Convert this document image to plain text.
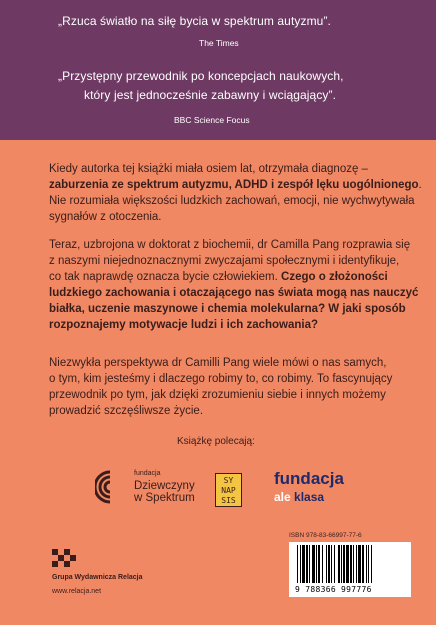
„Rzuca światło na siłę bycia w spektrum autyzmu”.
The Times
„Przystępny przewodnik po koncepcjach naukowych,
który jest jednocześnie zabawny i wciągający”.
BBC Science Focus
Kiedy autorka tej książki miała osiem lat, otrzymała diagnozę –
zaburzenia ze spektrum autyzmu, ADHD i zespół lęku uogólnionego.
Nie rozumiała większości ludzkich zachowań, emocji, nie wychwytywała
sygnałów z otoczenia.
Teraz, uzbrojona w doktorat z biochemii, dr Camilla Pang rozprawia się
z naszymi niejednoznacznymi zwyczajami społecznymi i identyfikuje,
co tak naprawdę oznacza bycie człowiekiem. Czego o złożoności
ludzkiego zachowania i otaczającego nas świata mogą nas nauczyć
białka, uczenie maszynowe i chemia molekularna? W jaki sposób
rozpoznajemy motywacje ludzi i ich zachowania?
Niezwykła perspektywa dr Camilli Pang wiele mówi o nas samych,
o tym, kim jesteśmy i dlaczego robimy to, co robimy. To fascynujący
przewodnik po tym, jak dzięki zrozumieniu siebie i innych możemy
prowadzić szczęśliwsze życie.
Książkę polecają:
fundacja
Dziewczyny
w Spektrum
SY
NAP
SIS
fundacja
ale klasa
ISBN 978-83-66997-77-6
9 788366 997776
Grupa Wydawnicza Relacja
www.relacja.net
